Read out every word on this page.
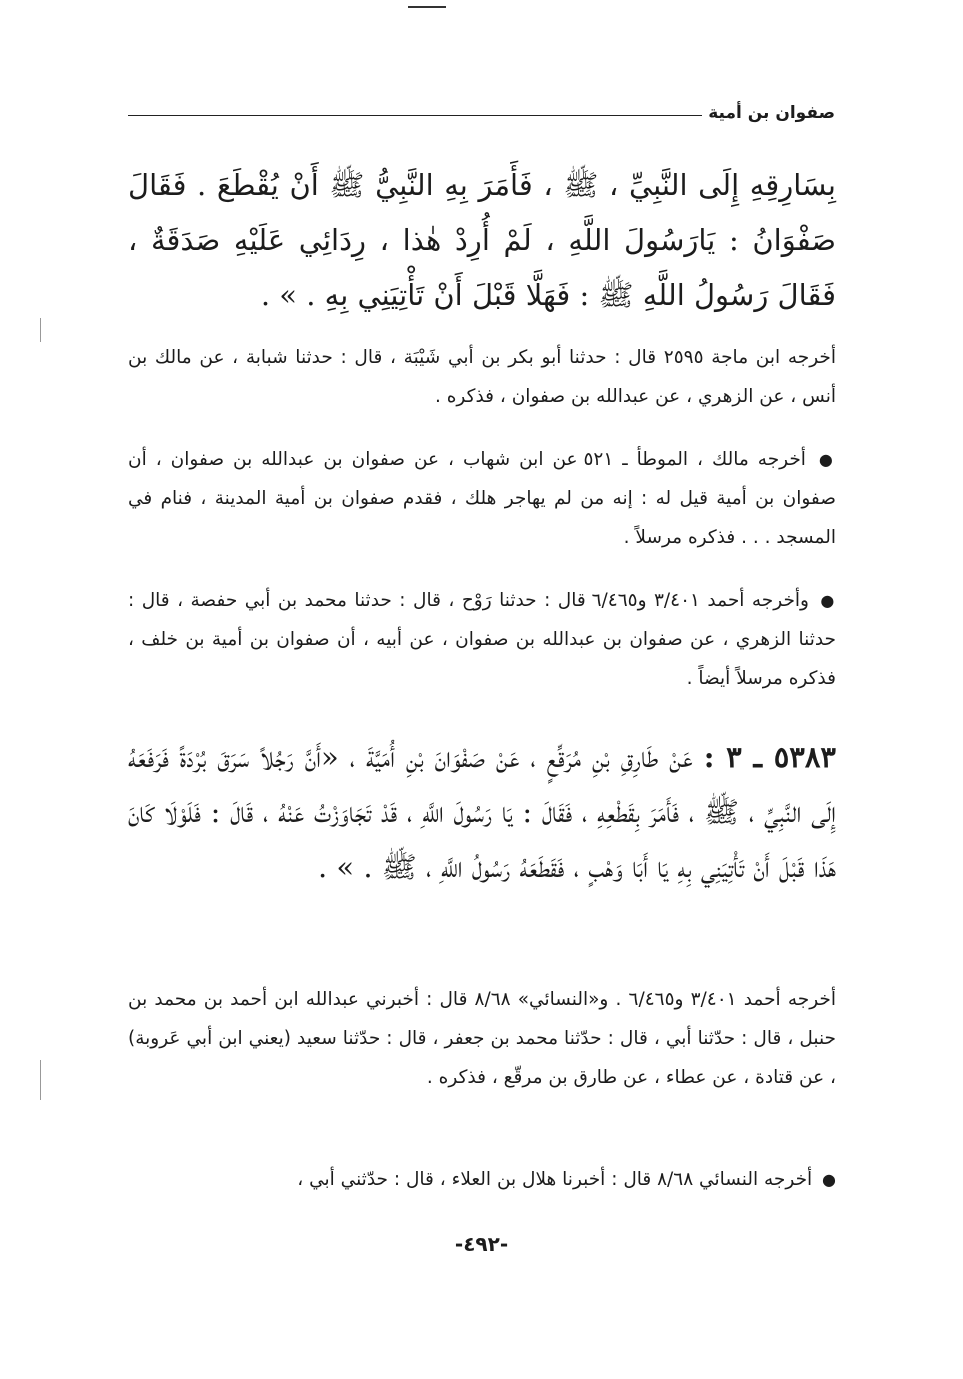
صفوان بن أمية

بِسَارِقِهِ إِلَى النَّبِيِّ ، ﷺ ، فَأَمَرَ بِهِ النَّبِيُّ ﷺ أَنْ يُقْطَعَ . فَقَالَ صَفْوَانُ : يَارَسُولَ اللَّهِ ، لَمْ أُرِدْ هٰذا ، رِدَائِي عَلَيْهِ صَدَقَةٌ ، فَقَالَ رَسُولُ اللَّهِ ﷺ : فَهَلَّا قَبْلَ أَنْ تَأْتِيَنِي بِهِ . » .

أخرجه ابن ماجة ٢٥٩٥ قال : حدثنا أبو بكر بن أبي شَيْبَة ، قال : حدثنا شبابة ، عن مالك بن أنس ، عن الزهري ، عن عبدالله بن صفوان ، فذكره .

● أخرجه مالك ، الموطأ ـ ٥٢١ عن ابن شهاب ، عن صفوان بن عبدالله بن صفوان ، أن صفوان بن أمية قيل له : إنه من لم يهاجر هلك ، فقدم صفوان بن أمية المدينة ، فنام في المسجد . . . فذكره مرسلاً .

● وأخرجه أحمد ٣/٤٠١ و٦/٤٦٥ قال : حدثنا رَوْح ، قال : حدثنا محمد بن أبي حفصة ، قال : حدثنا الزهري ، عن صفوان بن عبدالله بن صفوان ، عن أبيه ، أن صفوان بن أمية بن خلف ، فذكره مرسلاً أيضاً .

٥٣٨٣ ـ ٣ : عَنْ طَارِقِ بْنِ مُرَقِّعٍ ، عَنْ صَفْوَانَ بْنِ أُمَيَّةَ ، «أَنَّ رَجُلاً سَرَقَ بُرْدَةً فَرَفَعَهُ إِلَى النَّبِيِّ ، ﷺ ، فَأَمَرَ بِقَطْعِهِ ، فَقَالَ : يَا رَسُولَ اللَّهِ ، قَدْ تَجَاوَزْتُ عَنْهُ ، قَالَ : فَلَوْلَا كَانَ هَذَا قَبْلَ أَنْ تَأْتِيَنِي بِهِ يَا أَبَا وَهْبٍ ، فَقَطَعَهُ رَسُولُ اللَّهِ ، ﷺ . » .

أخرجه أحمد ٣/٤٠١ و٦/٤٦٥ . و«النسائي» ٨/٦٨ قال : أخبرني عبدالله ابن أحمد بن محمد بن حنبل ، قال : حدّثنا أبي ، قال : حدّثنا محمد بن جعفر ، قال : حدّثنا سعيد (يعني ابن أبي عَروبة) ، عن قتادة ، عن عطاء ، عن طارق بن مرقّع ، فذكره .

● أخرجه النسائي ٨/٦٨ قال : أخبرنا هلال بن العلاء ، قال : حدّثني أبي ،

-٤٩٢-
